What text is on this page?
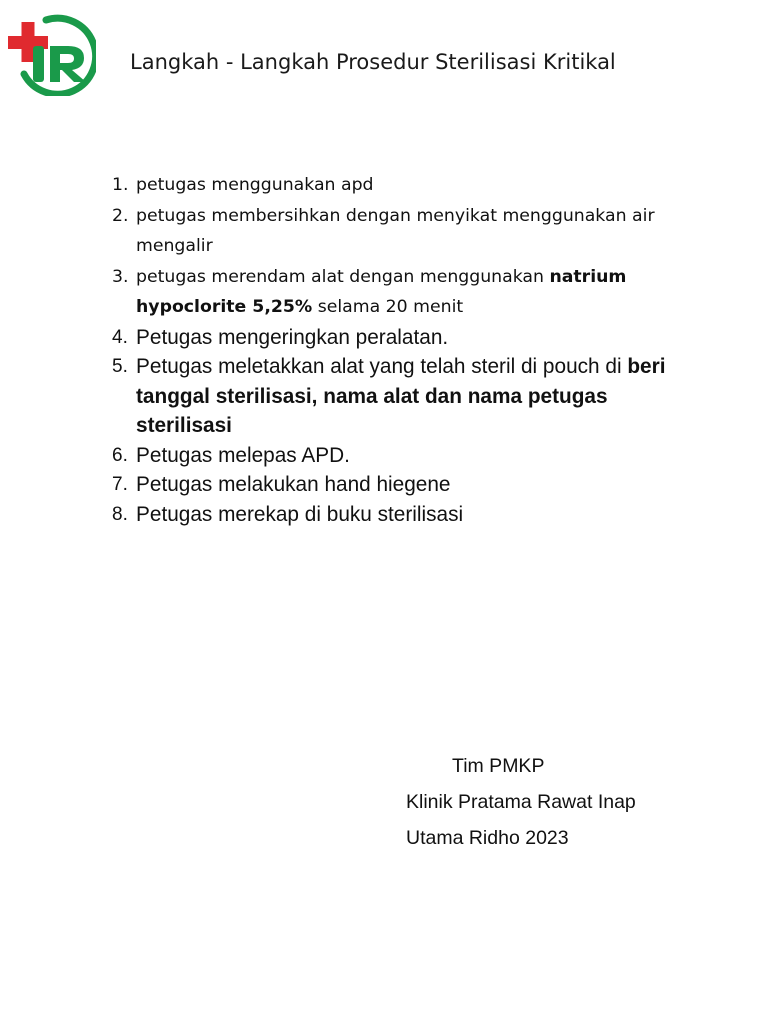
Langkah - Langkah Prosedur Sterilisasi Kritikal
1. petugas menggunakan apd
2. petugas membersihkan dengan menyikat menggunakan air mengalir
3. petugas merendam alat dengan menggunakan natrium hypoclorite 5,25% selama 20 menit
4. Petugas mengeringkan peralatan.
5. Petugas meletakkan alat yang telah steril di pouch di beri tanggal sterilisasi, nama alat dan nama petugas sterilisasi
6. Petugas melepas APD.
7. Petugas melakukan hand hiegene
8. Petugas merekap di buku sterilisasi
Tim PMKP
Klinik Pratama Rawat Inap
Utama Ridho 2023
